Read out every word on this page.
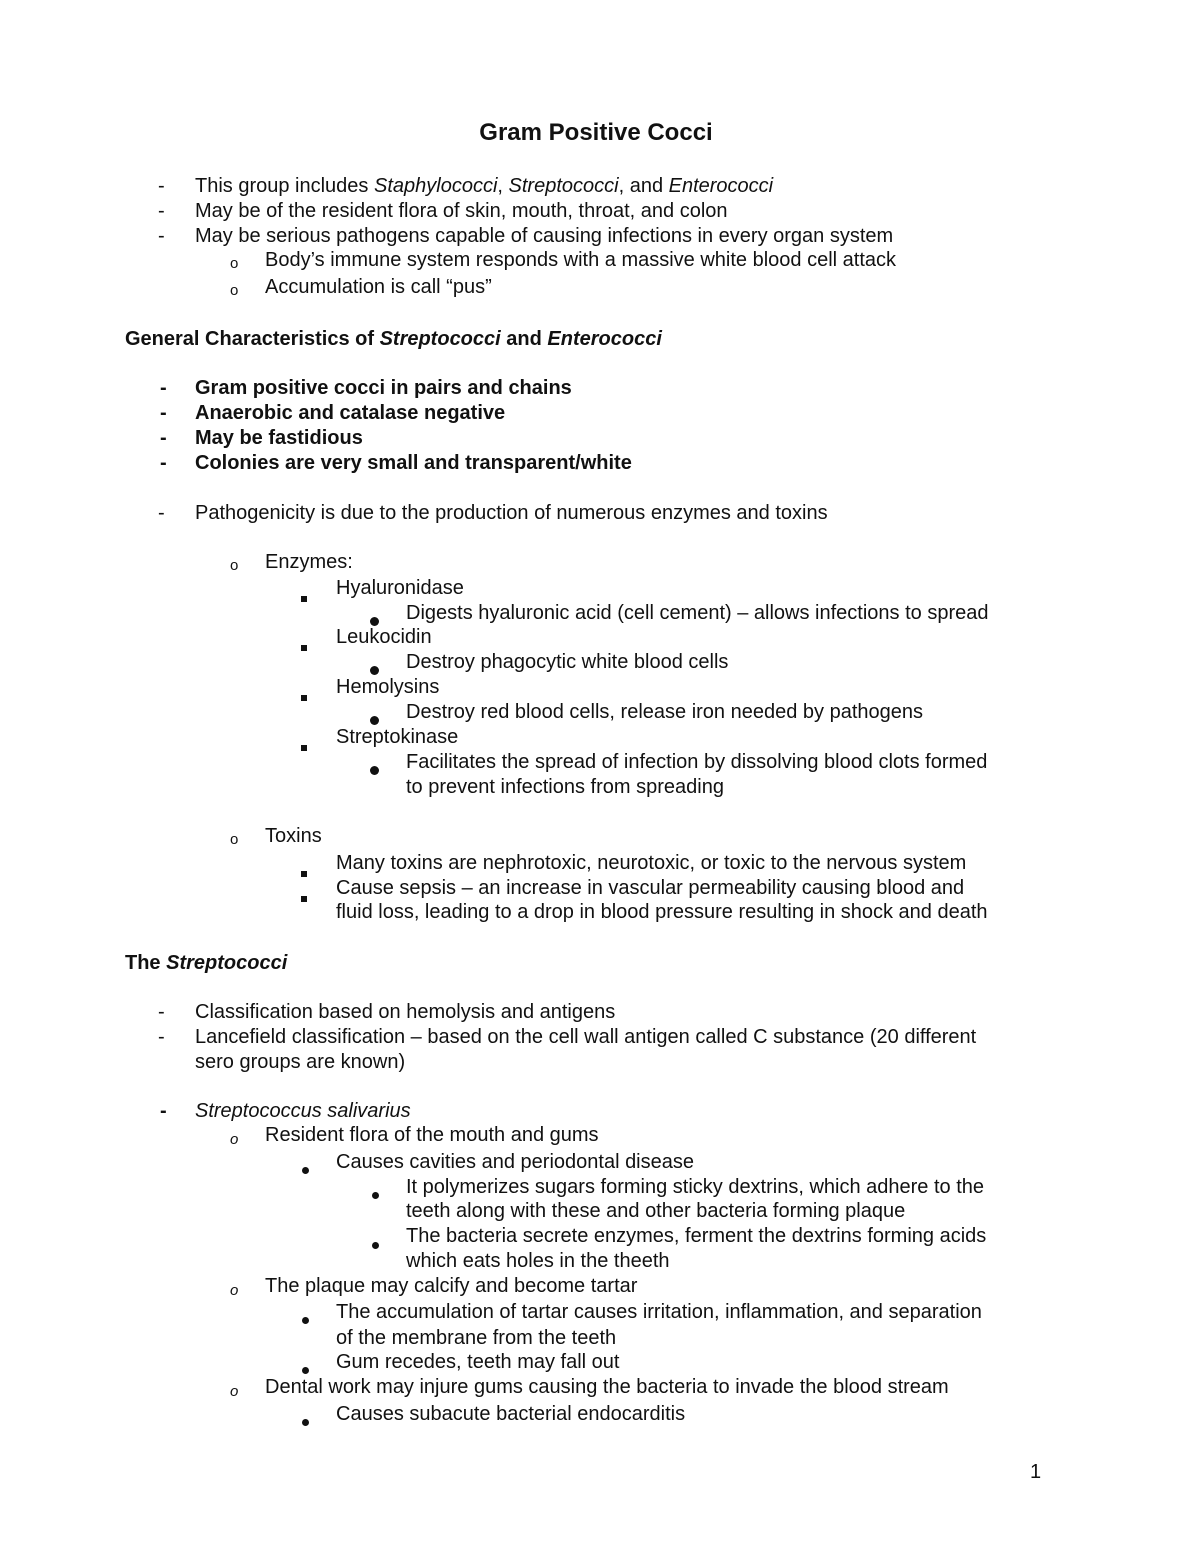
Gram Positive Cocci
- This group includes Staphylococci, Streptococci, and Enterococci
- May be of the resident flora of skin, mouth, throat, and colon
- May be serious pathogens capable of causing infections in every organ system
o Body’s immune system responds with a massive white blood cell attack
o Accumulation is call “pus”
General Characteristics of Streptococci and Enterococci
- Gram positive cocci in pairs and chains
- Anaerobic and catalase negative
- May be fastidious
- Colonies are very small and transparent/white
- Pathogenicity is due to the production of numerous enzymes and toxins
o Enzymes:
Hyaluronidase
Digests hyaluronic acid (cell cement) – allows infections to spread
Leukocidin
Destroy phagocytic white blood cells
Hemolysins
Destroy red blood cells, release iron needed by pathogens
Streptokinase
Facilitates the spread of infection by dissolving blood clots formed
to prevent infections from spreading
o Toxins
Many toxins are nephrotoxic, neurotoxic, or toxic to the nervous system
Cause sepsis – an increase in vascular permeability causing blood and
fluid loss, leading to a drop in blood pressure resulting in shock and death
The Streptococci
- Classification based on hemolysis and antigens
- Lancefield classification – based on the cell wall antigen called C substance (20 different
sero groups are known)
- Streptococcus salivarius
o Resident flora of the mouth and gums
Causes cavities and periodontal disease
It polymerizes sugars forming sticky dextrins, which adhere to the
teeth along with these and other bacteria forming plaque
The bacteria secrete enzymes, ferment the dextrins forming acids
which eats holes in the theeth
o The plaque may calcify and become tartar
The accumulation of tartar causes irritation, inflammation, and separation
of the membrane from the teeth
Gum recedes, teeth may fall out
o Dental work may injure gums causing the bacteria to invade the blood stream
Causes subacute bacterial endocarditis
1
